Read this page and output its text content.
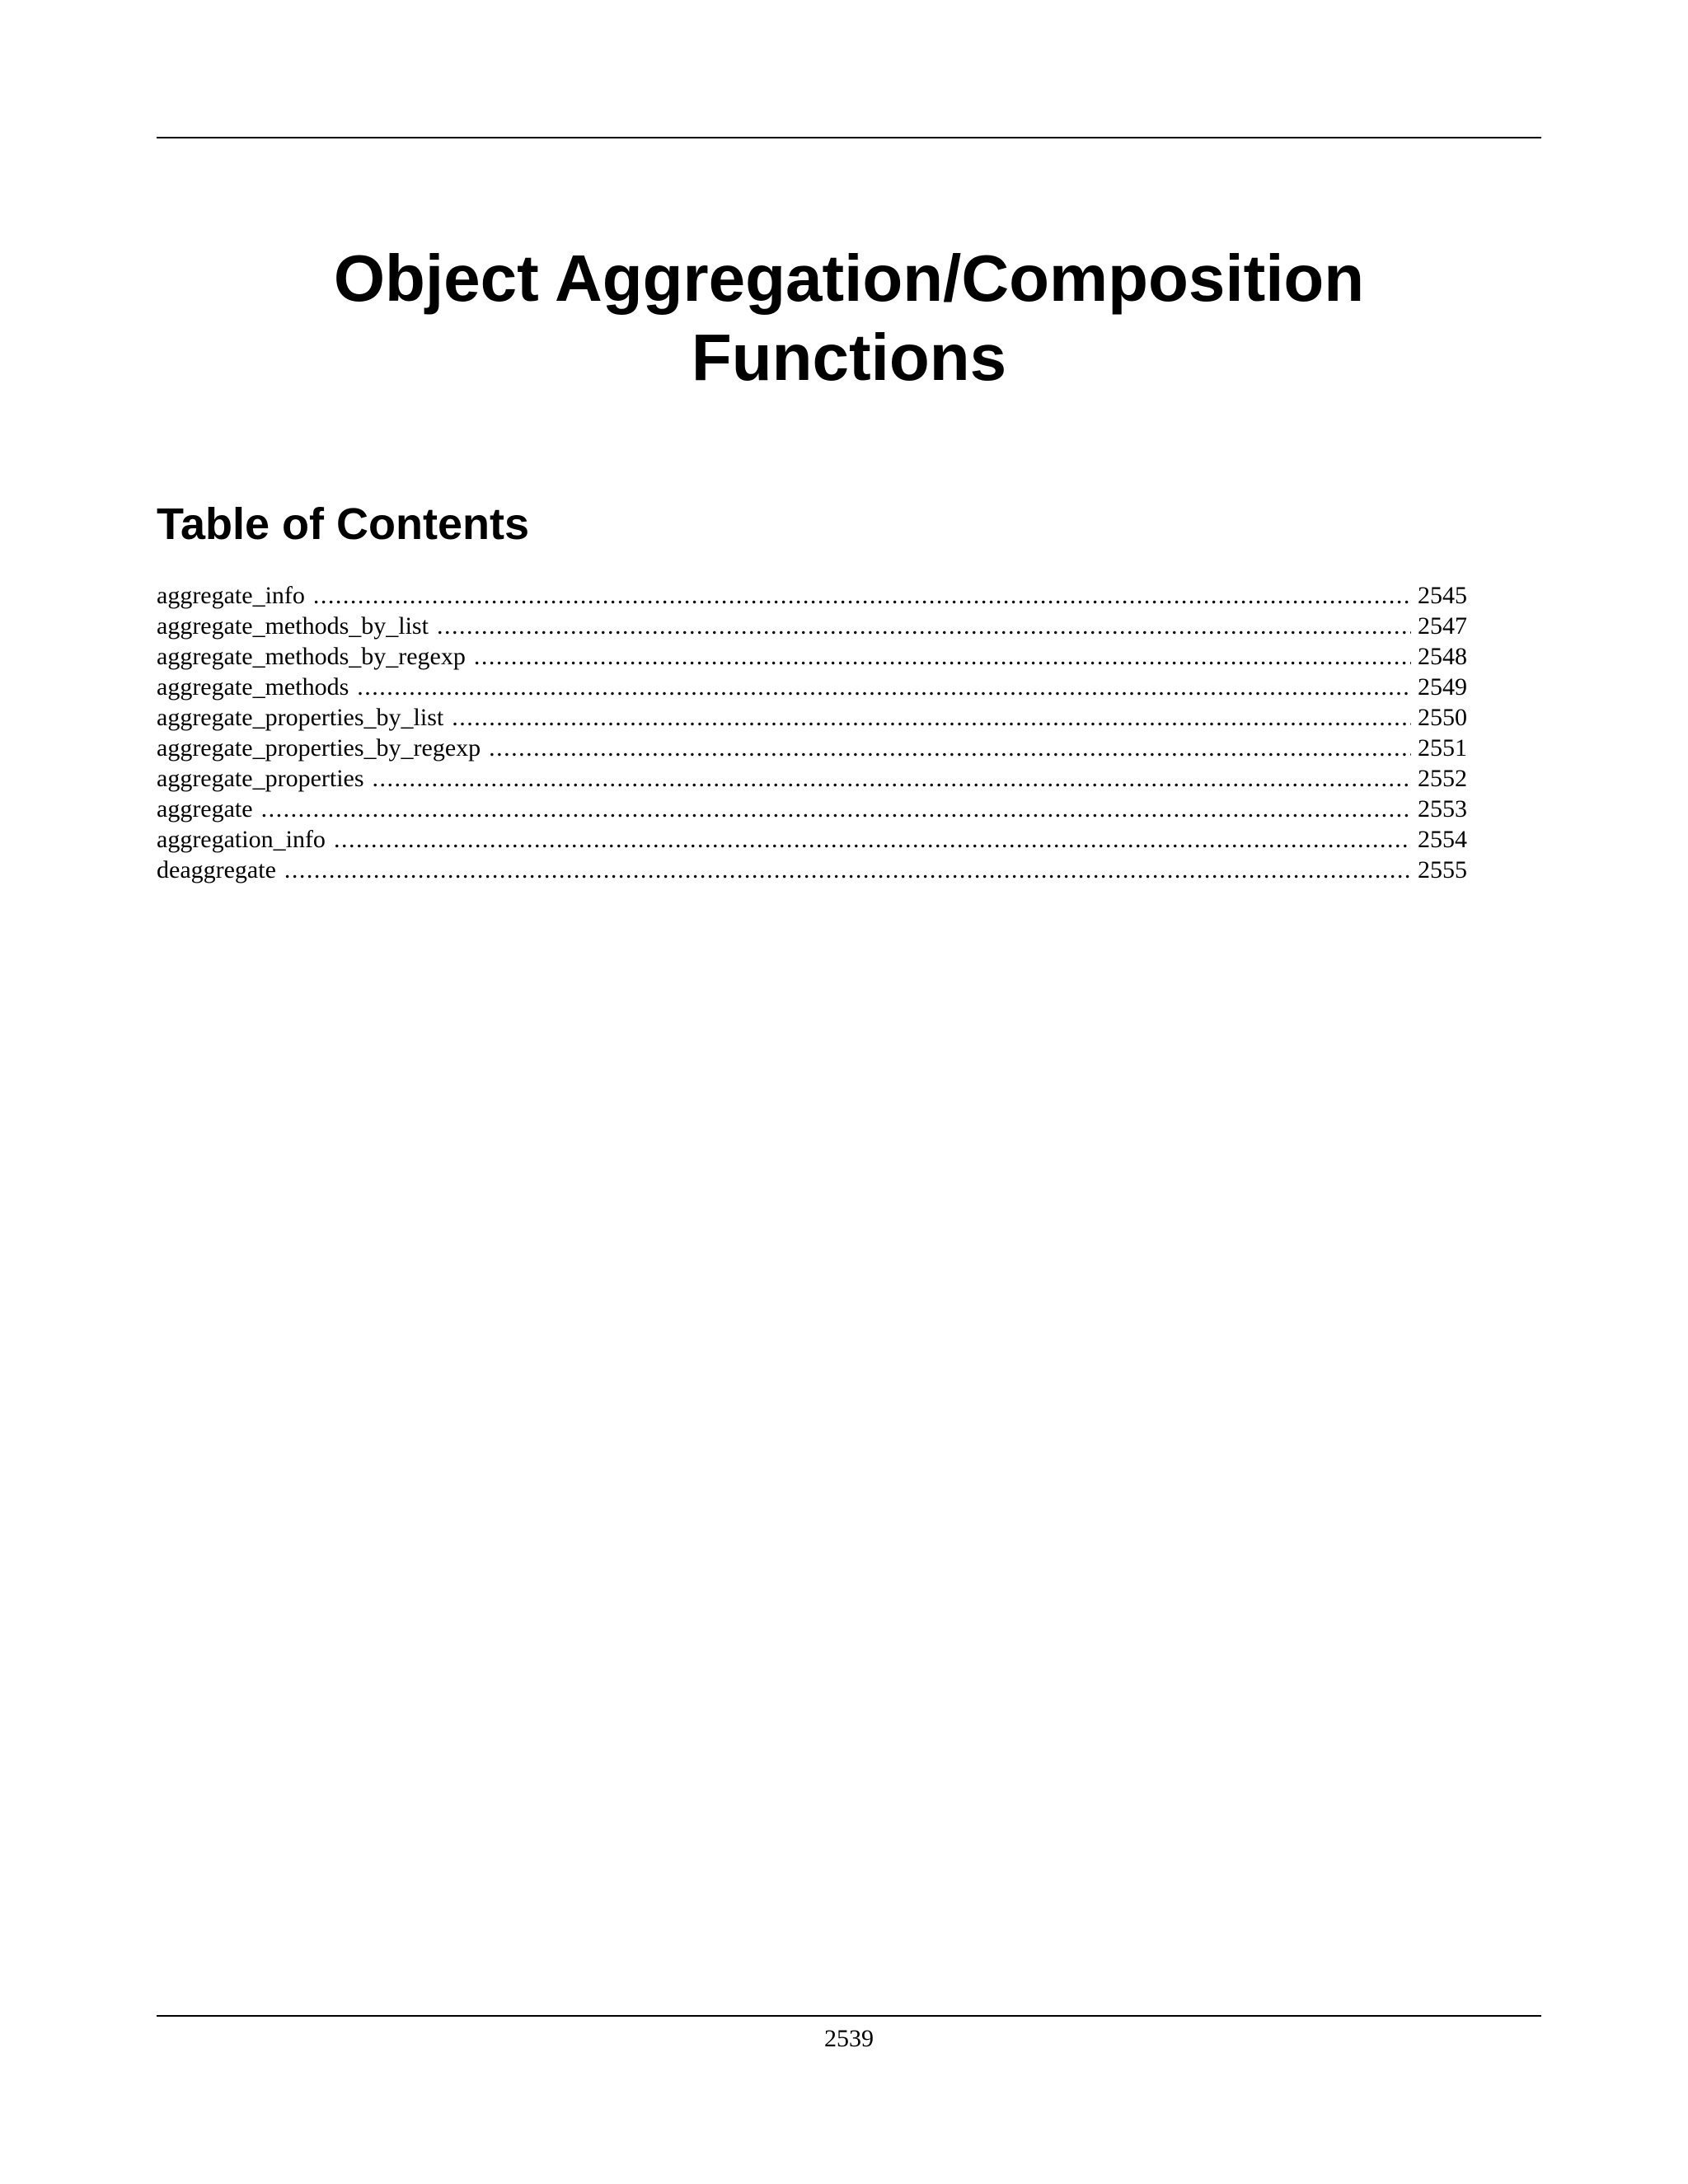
Object Aggregation/Composition
Functions
Table of Contents
aggregate_info . . .	2545
aggregate_methods_by_list . . .	2547
aggregate_methods_by_regexp . . .	2548
aggregate_methods . . .	2549
aggregate_properties_by_list . . .	2550
aggregate_properties_by_regexp . . .	2551
aggregate_properties . . .	2552
aggregate . . .	2553
aggregation_info . . .	2554
deaggregate . . .	2555
2539
